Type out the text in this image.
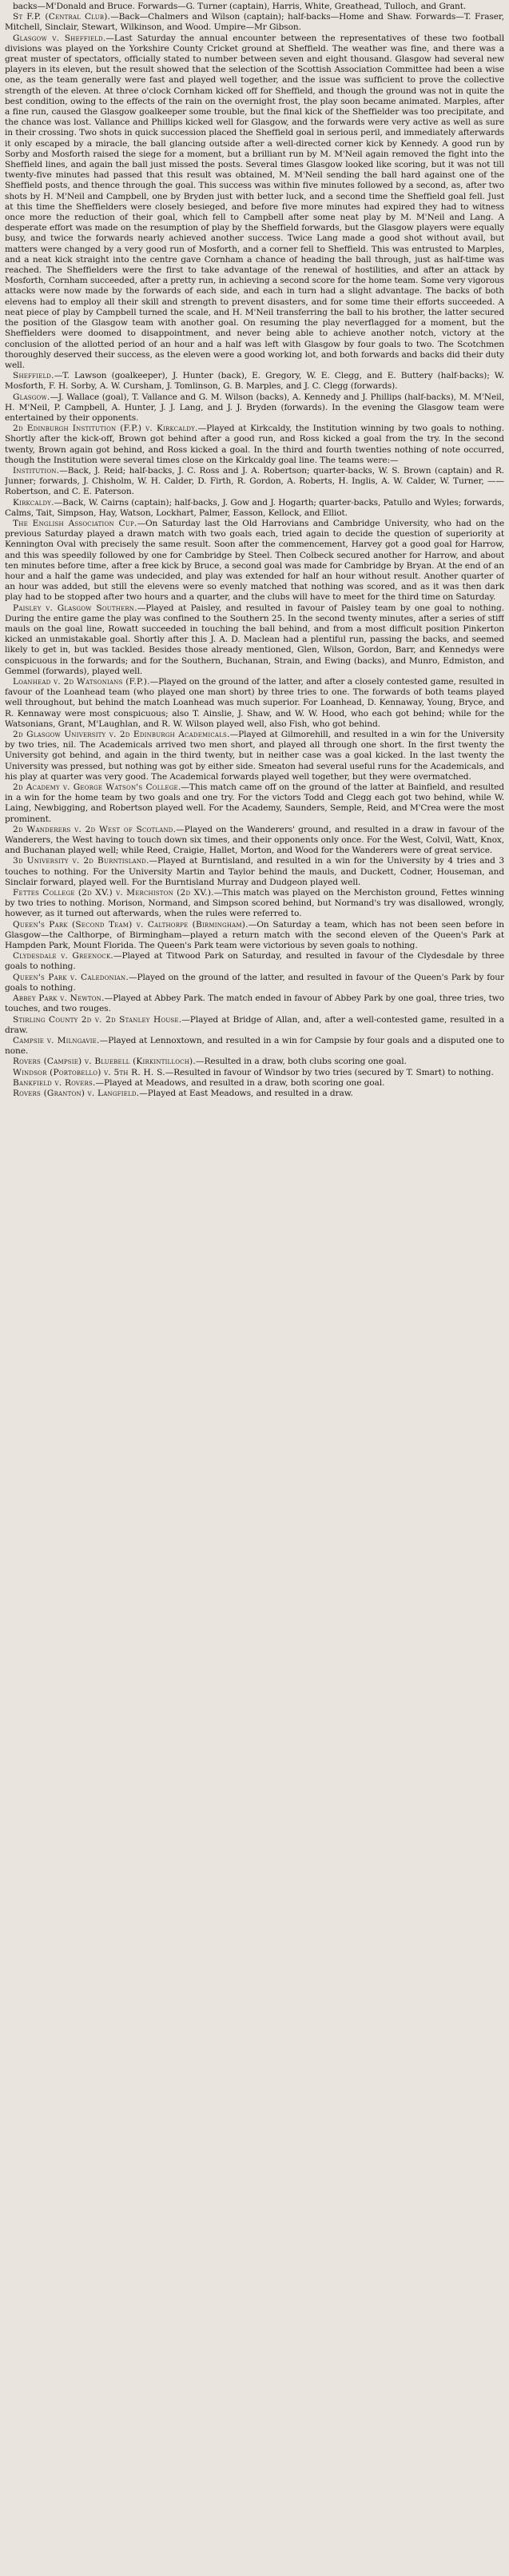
backs—M'Donald and Bruce. Forwards—G. Turner (captain), Harris, White, Greathead, Tulloch, and Grant.

St F.P. (Central Club).—Back—Chalmers and Wilson (captain); half-backs—Home and Shaw. Forwards—T. Fraser, Mitchell, Sinclair, Stewart, Wilkinson, and Wood. Umpire—Mr Gibson.

Glasgow v. Sheffield.—Last Saturday the annual encounter between the representatives of these two football divisions was played on the Yorkshire County Cricket ground at Sheffield. The weather was fine, and there was a great muster of spectators, officially stated to number between seven and eight thousand. Glasgow had several new players in its eleven, but the result showed that the selection of the Scottish Association Committee had been a wise one, as the team generally were fast and played well together, and the issue was sufficient to prove the collective strength of the eleven. At three o'clock Cornham kicked off for Sheffield, and though the ground was not in quite the best condition, owing to the effects of the rain on the overnight frost, the play soon became animated. Marples, after a fine run, caused the Glasgow goalkeeper some trouble, but the final kick of the Sheffielder was too precipitate, and the chance was lost. Vallance and Phillips kicked well for Glasgow, and the forwards were very active as well as sure in their crossing. Two shots in quick succession placed the Sheffield goal in serious peril, and immediately afterwards it only escaped by a miracle, the ball glancing outside after a well-directed corner kick by Kennedy. A good run by Sorby and Mosforth raised the siege for a moment, but a brilliant run by M. M'Neil again removed the fight into the Sheffield lines, and again the ball just missed the posts. Several times Glasgow looked like scoring, but it was not till twenty-five minutes had passed that this result was obtained, M. M'Neil sending the ball hard against one of the Sheffield posts, and thence through the goal. This success was within five minutes followed by a second, as, after two shots by H. M'Neil and Campbell, one by Bryden just with better luck, and a second time the Sheffield goal fell. Just at this time the Sheffielders were closely besieged, and before five more minutes had expired they had to witness once more the reduction of their goal, which fell to Campbell after some neat play by M. M'Neil and Lang. A desperate effort was made on the resumption of play by the Sheffield forwards, but the Glasgow players were equally busy, and twice the forwards nearly achieved another success. Twice Lang made a good shot without avail, but matters were changed by a very good run of Mosforth, and a corner fell to Sheffield. This was entrusted to Marples, and a neat kick straight into the centre gave Cornham a chance of heading the ball through, just as half-time was reached. The Sheffielders were the first to take advantage of the renewal of hostilities, and after an attack by Mosforth, Cornham succeeded, after a pretty run, in achieving a second score for the home team. Some very vigorous attacks were now made by the forwards of each side, and each in turn had a slight advantage. The backs of both elevens had to employ all their skill and strength to prevent disasters, and for some time their efforts succeeded. A neat piece of play by Campbell turned the scale, and H. M'Neil transferring the ball to his brother, the latter secured the position of the Glasgow team with another goal. On resuming the play neverflagged for a moment, but the Sheffielders were doomed to disappointment, and never being able to achieve another notch, victory at the conclusion of the allotted period of an hour and a half was left with Glasgow by four goals to two. The Scotchmen thoroughly deserved their success, as the eleven were a good working lot, and both forwards and backs did their duty well.

Sheffield.—T. Lawson (goalkeeper), J. Hunter (back), E. Gregory, W. E. Clegg, and E. Buttery (half-backs); W. Mosforth, F. H. Sorby, A. W. Cursham, J. Tomlinson, G. B. Marples, and J. C. Clegg (forwards).

Glasgow.—J. Wallace (goal), T. Vallance and G. M. Wilson (backs), A. Kennedy and J. Phillips (half-backs), M. M'Neil, H. M'Neil, P. Campbell, A. Hunter, J. J. Lang, and J. J. Bryden (forwards). In the evening the Glasgow team were entertained by their opponents.

2d Edinburgh Institution (F.P.) v. Kirkcaldy.—Played at Kirkcaldy, the Institution winning by two goals to nothing. Shortly after the kick-off, Brown got behind after a good run, and Ross kicked a goal from the try. In the second twenty, Brown again got behind, and Ross kicked a goal. In the third and fourth twenties nothing of note occurred, though the Institution were several times close on the Kirkcaldy goal line. The teams were:—

Institution.—Back, J. Reid; half-backs, J. C. Ross and J. A. Robertson; quarter-backs, W. S. Brown (captain) and R. Junner; forwards, J. Chisholm, W. H. Calder, D. Firth, R. Gordon, A. Roberts, H. Inglis, A. W. Calder, W. Turner, —— Robertson, and C. E. Paterson.

Kirkcaldy.—Back, W. Cairns (captain); half-backs, J. Gow and J. Hogarth; quarter-backs, Patullo and Wyles; forwards, Calms, Tait, Simpson, Hay, Watson, Lockhart, Palmer, Easson, Kellock, and Elliot.

The English Association Cup.—On Saturday last the Old Harrovians and Cambridge University, who had on the previous Saturday played a drawn match with two goals each, tried again to decide the question of superiority at Kennington Oval with precisely the same result. Soon after the commencement, Harvey got a good goal for Harrow, and this was speedily followed by one for Cambridge by Steel. Then Colbeck secured another for Harrow, and about ten minutes before time, after a free kick by Bruce, a second goal was made for Cambridge by Bryan. At the end of an hour and a half the game was undecided, and play was extended for half an hour without result. Another quarter of an hour was added, but still the elevens were so evenly matched that nothing was scored, and as it was then dark play had to be stopped after two hours and a quarter, and the clubs will have to meet for the third time on Saturday.

Paisley v. Glasgow Southern.—Played at Paisley, and resulted in favour of Paisley team by one goal to nothing. During the entire game the play was confined to the Southern 25. In the second twenty minutes, after a series of stiff mauls on the goal line, Rowatt succeeded in touching the ball behind, and from a most difficult position Pinkerton kicked an unmistakable goal. Shortly after this J. A. D. Maclean had a plentiful run, passing the backs, and seemed likely to get in, but was tackled. Besides those already mentioned, Glen, Wilson, Gordon, Barr, and Kennedys were conspicuous in the forwards; and for the Southern, Buchanan, Strain, and Ewing (backs), and Munro, Edmiston, and Gemmel (forwards), played well.

Loanhead v. 2d Watsonians (F.P.).—Played on the ground of the latter, and after a closely contested game, resulted in favour of the Loanhead team (who played one man short) by three tries to one. The forwards of both teams played well throughout, but behind the match Loanhead was much superior. For Loanhead, D. Kennaway, Young, Bryce, and R. Kennaway were most conspicuous; also T. Ainslie, J. Shaw, and W. W. Hood, who each got behind; while for the Watsonians, Grant, M'Laughlan, and R. W. Wilson played well, also Fish, who got behind.

2d Glasgow University v. 2d Edinburgh Academicals.—Played at Gilmorehill, and resulted in a win for the University by two tries, nil. The Academicals arrived two men short, and played all through one short. In the first twenty the University got behind, and again in the third twenty, but in neither case was a goal kicked. In the last twenty the University was pressed, but nothing was got by either side. Smeaton had several useful runs for the Academicals, and his play at quarter was very good. The Academical forwards played well together, but they were overmatched.

2d Academy v. George Watson's College.—This match came off on the ground of the latter at Bainfield, and resulted in a win for the home team by two goals and one try. For the victors Todd and Clegg each got two behind, while W. Laing, Newbigging, and Robertson played well. For the Academy, Saunders, Semple, Reid, and M'Crea were the most prominent.

2d Wanderers v. 2d West of Scotland.—Played on the Wanderers' ground, and resulted in a draw in favour of the Wanderers, the West having to touch down six times, and their opponents only once. For the West, Colvil, Watt, Knox, and Buchanan played well; while Reed, Craigie, Hallet, Morton, and Wood for the Wanderers were of great service.

3d University v. 2d Burntisland.—Played at Burntisland, and resulted in a win for the University by 4 tries and 3 touches to nothing. For the University Martin and Taylor behind the mauls, and Duckett, Codner, Houseman, and Sinclair forward, played well. For the Burntisland Murray and Dudgeon played well.

Fettes College (2d XV.) v. Merchiston (2d XV.).—This match was played on the Merchiston ground, Fettes winning by two tries to nothing. Morison, Normand, and Simpson scored behind, but Normand's try was disallowed, wrongly, however, as it turned out afterwards, when the rules were referred to.

Queen's Park (Second Team) v. Calthorpe (Birmingham).—On Saturday a team, which has not been seen before in Glasgow—the Calthorpe, of Birmingham—played a return match with the second eleven of the Queen's Park at Hampden Park, Mount Florida. The Queen's Park team were victorious by seven goals to nothing.

Clydesdale v. Greenock.—Played at Titwood Park on Saturday, and resulted in favour of the Clydesdale by three goals to nothing.

Queen's Park v. Caledonian.—Played on the ground of the latter, and resulted in favour of the Queen's Park by four goals to nothing.

Abbey Park v. Newton.—Played at Abbey Park. The match ended in favour of Abbey Park by one goal, three tries, two touches, and two rouges.

Stirling County 2d v. 2d Stanley House.—Played at Bridge of Allan, and, after a well-contested game, resulted in a draw.

Campsie v. Milngavie.—Played at Lennoxtown, and resulted in a win for Campsie by four goals and a disputed one to none.

Rovers (Campsie) v. Bluebell (Kirkintilloch).—Resulted in a draw, both clubs scoring one goal.

Windsor (Portobello) v. 5th R. H. S.—Resulted in favour of Windsor by two tries (secured by T. Smart) to nothing.

Bankfield v. Rovers.—Played at Meadows, and resulted in a draw, both scoring one goal.

Rovers (Granton) v. Langfield.—Played at East Meadows, and resulted in a draw.
